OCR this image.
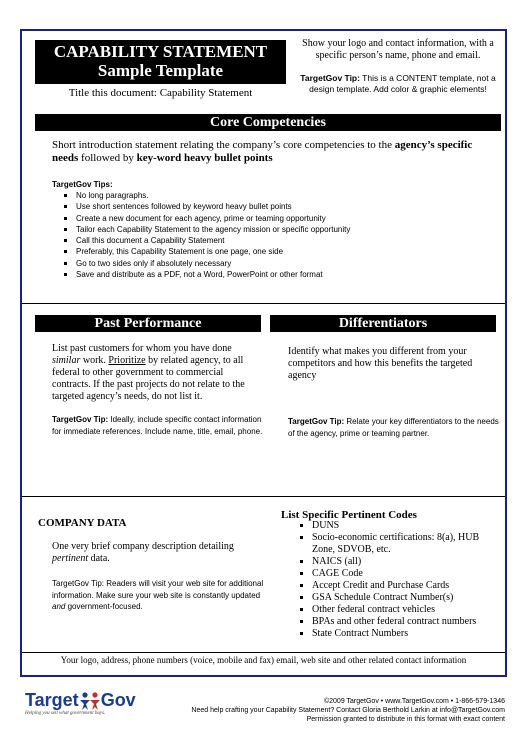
CAPABILITY STATEMENT
Sample Template
Title this document: Capability Statement
Show your logo and contact information, with a specific person’s name, phone and email.
TargetGov Tip: This is a CONTENT template, not a design template. Add color & graphic elements!
Core Competencies
Short introduction statement relating the company’s core competencies to the agency’s specific needs followed by key-word heavy bullet points
TargetGov Tips:
No long paragraphs.
Use short sentences followed by keyword heavy bullet points
Create a new document for each agency, prime or teaming opportunity
Tailor each Capability Statement to the agency mission or specific opportunity
Call this document a Capability Statement
Preferably, this Capability Statement is one page, one side
Go to two sides only if absolutely necessary
Save and distribute as a PDF, not a Word, PowerPoint or other format
Past Performance	Differentiators
List past customers for whom you have done similar work. Prioritize by related agency, to all federal to other government to commercial contracts. If the past projects do not relate to the targeted agency’s needs, do not list it.
TargetGov Tip: Ideally, include specific contact information for immediate references. Include name, title, email, phone.
Identify what makes you different from your competitors and how this benefits the targeted agency
TargetGov Tip: Relate your key differentiators to the needs of the agency, prime or teaming partner.
COMPANY DATA
One very brief company description detailing pertinent data.
TargetGov Tip: Readers will visit your web site for additional information. Make sure your web site is constantly updated and government-focused.
List Specific Pertinent Codes
DUNS
Socio-economic certifications: 8(a), HUB Zone, SDVOB, etc.
NAICS (all)
CAGE Code
Accept Credit and Purchase Cards
GSA Schedule Contract Number(s)
Other federal contract vehicles
BPAs and other federal contract numbers
State Contract Numbers
Your logo, address, phone numbers (voice, mobile and fax) email, web site and other related contact information
Target Gov
Helping you sell what government buys.
©2009 TargetGov • www.TargetGov.com • 1-866-579-1346
Need help crafting your Capability Statement? Contact Gloria Berthold Larkin at info@TargetGov.com
Permission granted to distribute in this format with exact content
